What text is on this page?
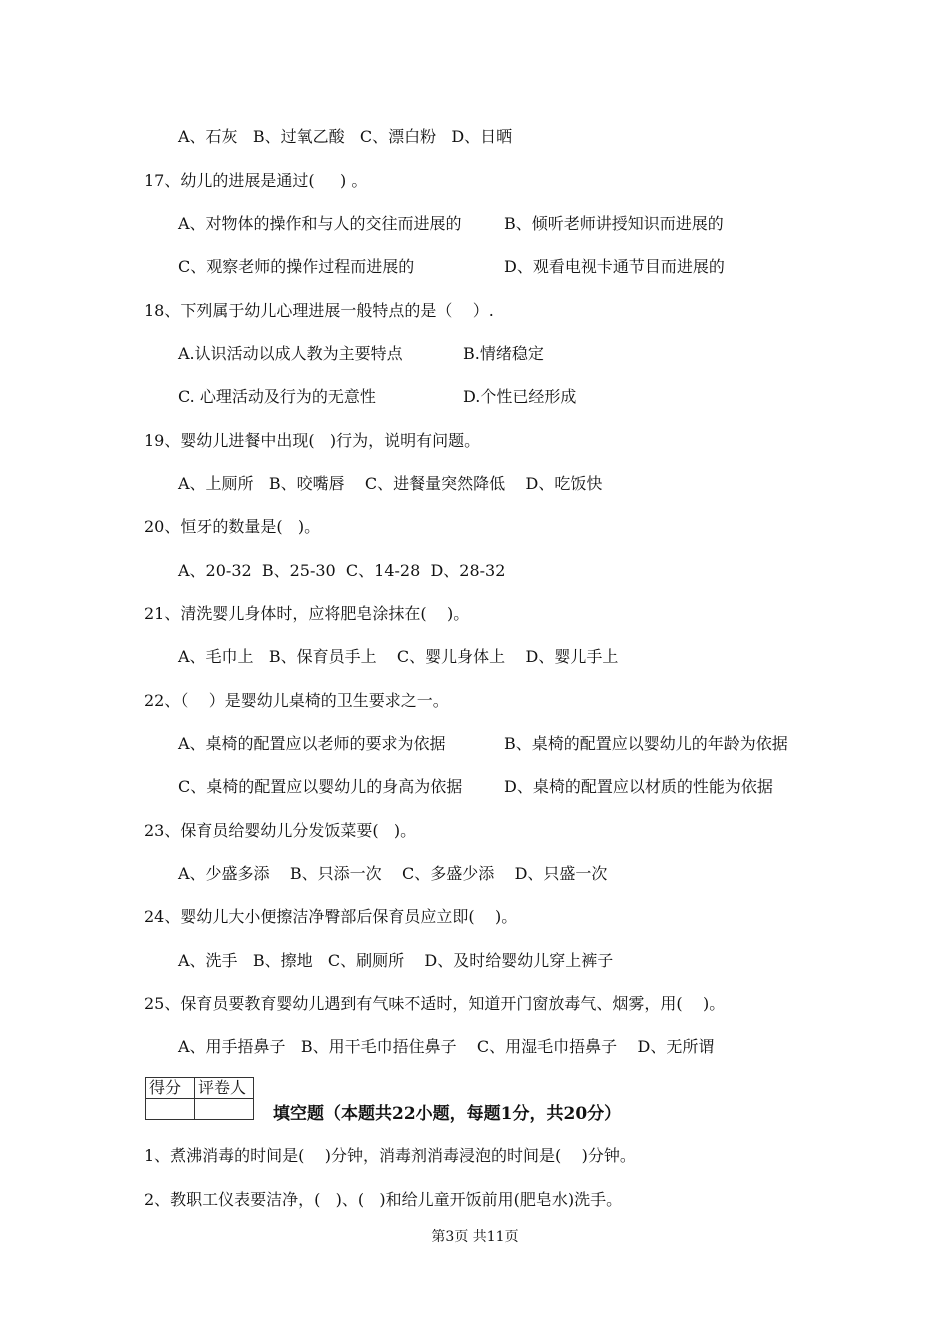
A、石灰   B、过氧乙酸   C、漂白粉   D、日晒
17、幼儿的进展是通过(     ) 。
A、对物体的操作和与人的交往而进展的	B、倾听老师讲授知识而进展的
C、观察老师的操作过程而进展的	D、观看电视卡通节目而进展的
18、下列属于幼儿心理进展一般特点的是（    ）.
A.认识活动以成人教为主要特点	B.情绪稳定
C. 心理活动及行为的无意性	D.个性已经形成
19、婴幼儿进餐中出现(   )行为，说明有问题。
A、上厕所   B、咬嘴唇    C、进餐量突然降低    D、吃饭快
20、恒牙的数量是(   )。
A、20-32  B、25-30  C、14-28  D、28-32
21、清洗婴儿身体时，应将肥皂涂抹在(    )。
A、毛巾上   B、保育员手上    C、婴儿身体上    D、婴儿手上
22、（    ）是婴幼儿桌椅的卫生要求之一。
A、桌椅的配置应以老师的要求为依据	B、桌椅的配置应以婴幼儿的年龄为依据
C、桌椅的配置应以婴幼儿的身高为依据	D、桌椅的配置应以材质的性能为依据
23、保育员给婴幼儿分发饭菜要(   )。
A、少盛多添    B、只添一次    C、多盛少添    D、只盛一次
24、婴幼儿大小便擦洁净臀部后保育员应立即(    )。
A、洗手   B、擦地   C、刷厕所    D、及时给婴幼儿穿上裤子
25、保育员要教育婴幼儿遇到有气味不适时，知道开门窗放毒气、烟雾，用(    )。
A、用手捂鼻子   B、用干毛巾捂住鼻子    C、用湿毛巾捂鼻子    D、无所谓
得分	评卷人

填空题（本题共22小题，每题1分，共20分）
1、煮沸消毒的时间是(    )分钟，消毒剂消毒浸泡的时间是(    )分钟。
2、教职工仪表要洁净，(   )、(   )和给儿童开饭前用(肥皂水)洗手。
第3页 共11页
